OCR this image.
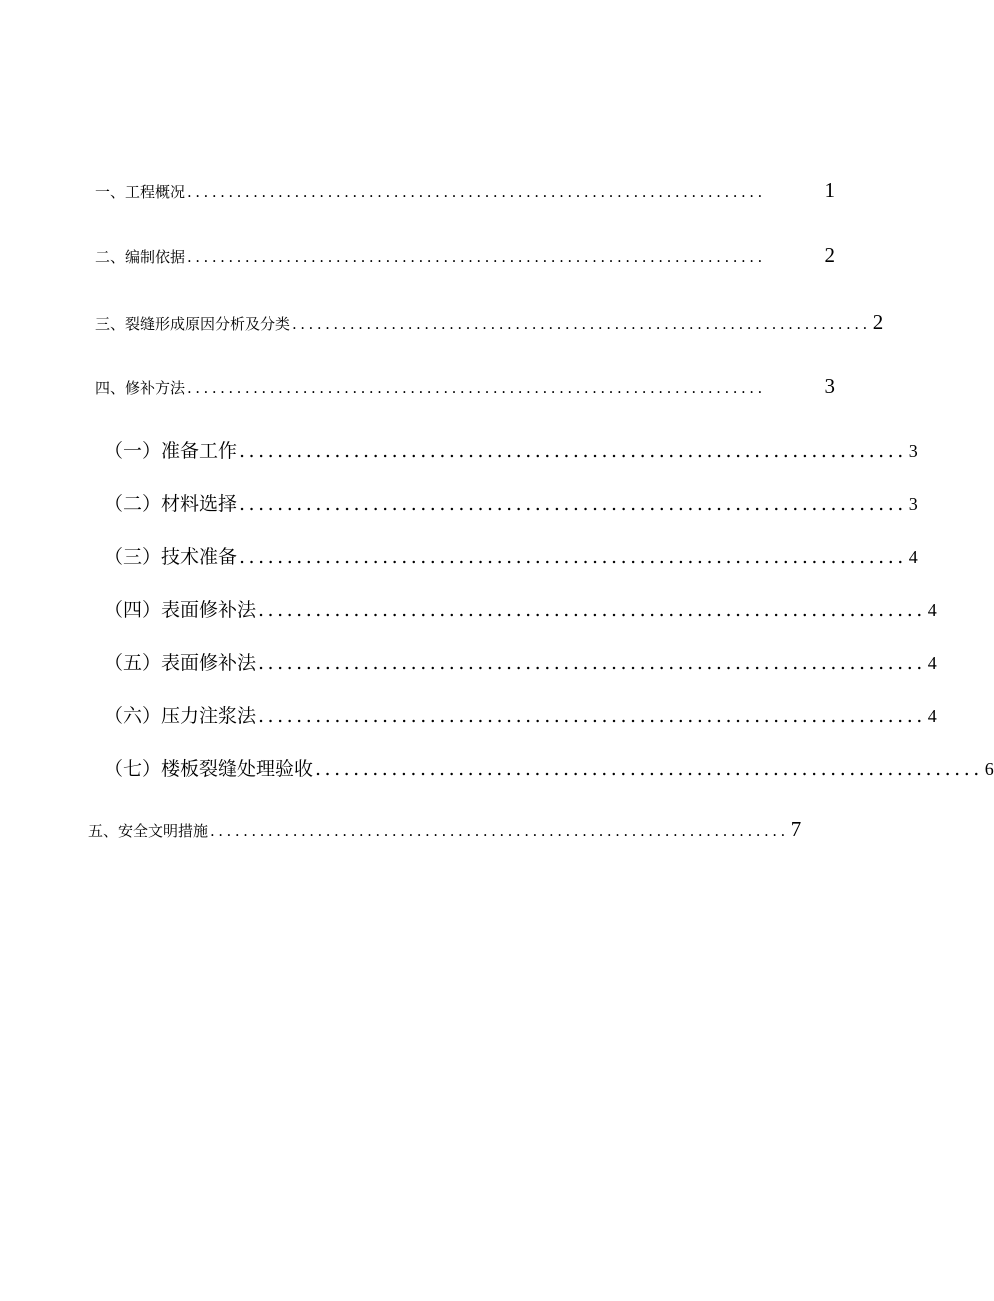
一、工程概况 ......................................................................	1
二、编制依据 ......................................................................	2
三、裂缝形成原因分析及分类 ...................................................................... 2
四、修补方法 ......................................................................	3
（一）准备工作 ...................................................................... 3
（二）材料选择 ...................................................................... 3
（三）技术准备 ...................................................................... 4
（四）表面修补法 ...................................................................... 4
（五）表面修补法 ...................................................................... 4
（六）压力注浆法 ...................................................................... 4
（七）楼板裂缝处理验收 ...................................................................... 6
五、安全文明措施 ...................................................................... 7
